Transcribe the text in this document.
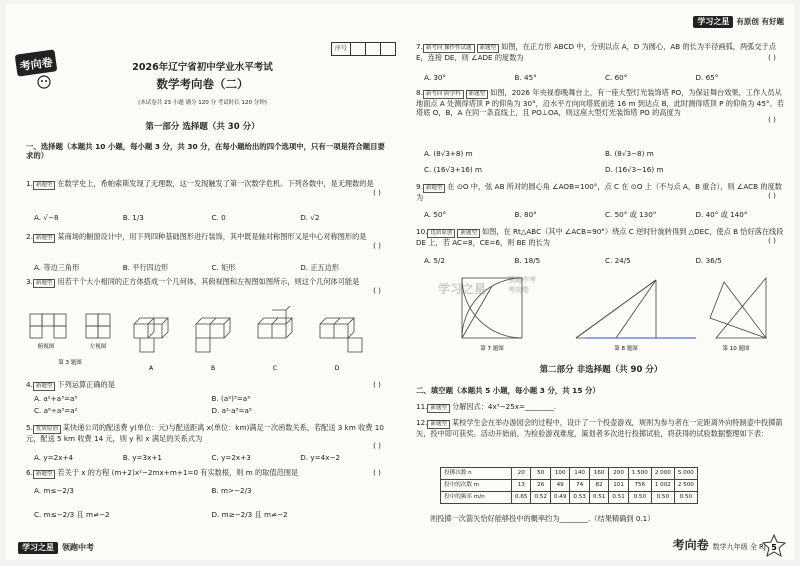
考向卷
序号
2026年辽宁省初中学业水平考试
数学考向卷（二）
(本试卷共 23 小题 满分 120 分 考试时长 120 分钟)
第一部分 选择题（共 30 分）
一、选择题（本题共 10 小题，每小题 3 分，共 30 分，在每小题给出的四个选项中，只有一项是符合题目要求的）
1. 新题型 在数学史上，希帕索斯发现了无理数，这一发现触发了第一次数学危机。下列各数中，是无理数的是
( )
A. √−8	B. 1/3	C. 0	D. √2
2. 新题型 某商场的橱窗设计中，用下列四种基础图形进行装饰，其中既是轴对称图形又是中心对称图形的是
( )
A. 等边三角形	B. 平行四边形	C. 矩形	D. 正五边形
3. 新题型 用若干个大小相同的正方体搭成一个几何体，其俯视图和左视图如图所示，则这个几何体可能是
( )
俯视图	左视图
第 3 题图
A	B	C	D
4. 新题型 下列运算正确的是	( )
A. a²+a³=a⁵	B. (a²)³=a⁵
C. a⁶÷a³=a²	D. a²·a³=a⁵
5. 优质原创 某快递公司的配送费 y(单位：元)与配送距离 x(单位：km)满足一次函数关系，若配送 3 km 收费 10 元，配送 5 km 收费 14 元，则 y 和 x 满足的关系式为
( )
A. y=2x+4	B. y=3x+1	C. y=2x+3	D. y=4x−2
6. 新题型 若关于 x 的方程 (m+2)x²−2mx+m+1=0 有实数根，则 m 的取值范围是	( )
A. m≤−2/3	B. m>−2/3
C. m≤−2/3 且 m≠−2	D. m≥−2/3 且 m≠−2
学习之星	领跑中考
学习之星 有原创 有好题
7. 新考向 操作性试题 新题型 如图，在正方形 ABCD 中，分别以点 A，D 为圆心，AB 的长为半径画弧，两弧交于点 E，连接 DE，则 ∠ADE 的度数为	( )
A. 30°	B. 45°	C. 60°	D. 65°
8. 新考向 跨学科 新题型 如图，2026 年央视春晚舞台上，有一座大型灯光装饰塔 PO，为保证舞台效果，工作人员从地面点 A 处测得塔顶 P 的仰角为 30°，沿水平方向向塔底前进 16 m 到达点 B，此时测得塔顶 P 的仰角为 45°。若塔底 O，B，A 在同一条直线上，且 PO⊥OA，则这座大型灯光装饰塔 PO 的高度为
( )
A. (8√3+8) m	B. (8√3−8) m
C. (16√3+16) m	D. (16√3−16) m
9. 新题型 在 ⊙O 中，弦 AB 所对的圆心角 ∠AOB=100°，点 C 在 ⊙O 上（不与点 A，B 重合），则 ∠ACB 的度数为	( )
A. 50°	B. 80°	C. 50° 或 130°	D. 40° 或 140°
10. 优质原创 新题型 如图，在 Rt△ABC（其中 ∠ACB=90°）绕点 C 逆时针旋转得到 △DEC，使点 B 恰好落在线段 DE 上，若 AC=8，CE=6，则 BE 的长为	( )
A. 5/2	B. 18/5	C. 24/5	D. 36/5
第 7 题图	第 8 题图	第 10 题图
学习之星
领跑中考
考向卷
第二部分 非选择题（共 90 分）
二、填空题（本题共 5 小题，每小题 3 分，共 15 分）
11. 新题型 分解因式：4x³−25x=________.
12. 新题型 某校学生会在举办游园会的过程中，设计了一个投壶游戏，规则为参与者在一定距离外向特制壶中投掷箭矢，投中即可获奖。活动开始前，为检验游戏难度，策划者多次进行投掷试验，将获得的试验数据整理如下表：
投掷次数 n	20	50	100	140	160	200	1 500	2 000	5 000
投中的次数 m	13	26	49	74	82	101	756	1 002	2 500
投中的频率 m/n	0.65	0.52	0.49	0.53	0.51	0.51	0.50	0.50	0.50
则投掷一次箭矢恰好能够投中的概率约为________.（结果精确到 0.1）
考向卷 数学九年级 全 RJ 5
